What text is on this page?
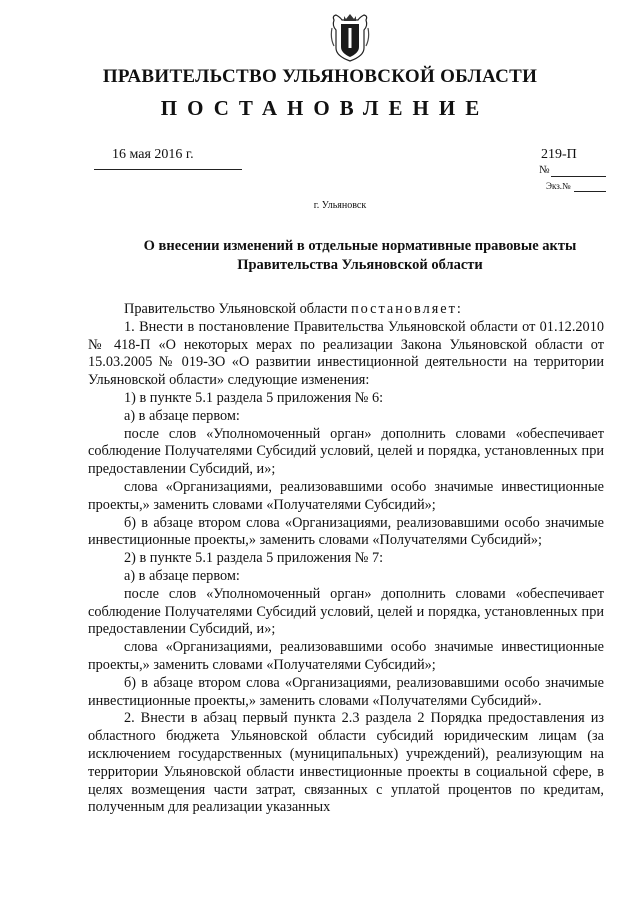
ПРАВИТЕЛЬСТВО УЛЬЯНОВСКОЙ ОБЛАСТИ
ПОСТАНОВЛЕНИЕ
16 мая 2016 г.	219-П
№
Экз.№
г. Ульяновск
О внесении изменений в отдельные нормативные правовые акты
Правительства Ульяновской области

Правительство Ульяновской области постановляет:

1. Внести в постановление Правительства Ульяновской области от 01.12.2010 № 418-П «О некоторых мерах по реализации Закона Ульяновской области от 15.03.2005 № 019-ЗО «О развитии инвестиционной деятельности на территории Ульяновской области» следующие изменения:

1) в пункте 5.1 раздела 5 приложения № 6:

а) в абзаце первом:

после слов «Уполномоченный орган» дополнить словами «обеспечивает соблюдение Получателями Субсидий условий, целей и порядка, установленных при предоставлении Субсидий, и»;

слова «Организациями, реализовавшими особо значимые инвестиционные проекты,» заменить словами «Получателями Субсидий»;

б) в абзаце втором слова «Организациями, реализовавшими особо значимые инвестиционные проекты,» заменить словами «Получателями Субсидий»;

2) в пункте 5.1 раздела 5 приложения № 7:

а) в абзаце первом:

после слов «Уполномоченный орган» дополнить словами «обеспечивает соблюдение Получателями Субсидий условий, целей и порядка, установленных при предоставлении Субсидий, и»;

слова «Организациями, реализовавшими особо значимые инвестиционные проекты,» заменить словами «Получателями Субсидий»;

б) в абзаце втором слова «Организациями, реализовавшими особо значимые инвестиционные проекты,» заменить словами «Получателями Субсидий».

2. Внести в абзац первый пункта 2.3 раздела 2 Порядка предоставления из областного бюджета Ульяновской области субсидий юридическим лицам (за исключением государственных (муниципальных) учреждений), реализующим на территории Ульяновской области инвестиционные проекты в социальной сфере, в целях возмещения части затрат, связанных с уплатой процентов по кредитам, полученным для реализации указанных
